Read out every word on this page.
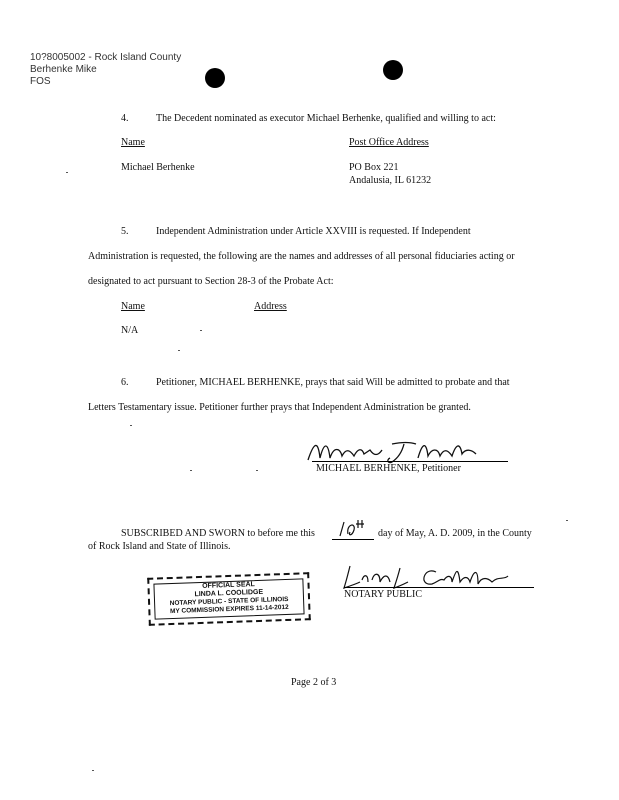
10?8005002 - Rock Island County
Berhenke Mike
FOS
4.	The Decedent nominated as executor Michael Berhenke, qualified and willing to act:
Name	Post Office Address
Michael Berhenke	PO Box 221
Andalusia, IL 61232
5.	Independent Administration under Article XXVIII is requested. If Independent
Administration is requested, the following are the names and addresses of all personal fiduciaries acting or
designated to act pursuant to Section 28-3 of the Probate Act:
Name	Address
N/A
6.	Petitioner, MICHAEL BERHENKE, prays that said Will be admitted to probate and that
Letters Testamentary issue. Petitioner further prays that Independent Administration be granted.
MICHAEL BERHENKE, Petitioner
SUBSCRIBED AND SWORN to before me this	19th	day of May, A. D. 2009, in the County
of Rock Island and State of Illinois.
NOTARY PUBLIC
OFFICIAL SEAL
LINDA L. COOLIDGE
NOTARY PUBLIC - STATE OF ILLINOIS
MY COMMISSION EXPIRES 11-14-2012
Page 2 of 3
